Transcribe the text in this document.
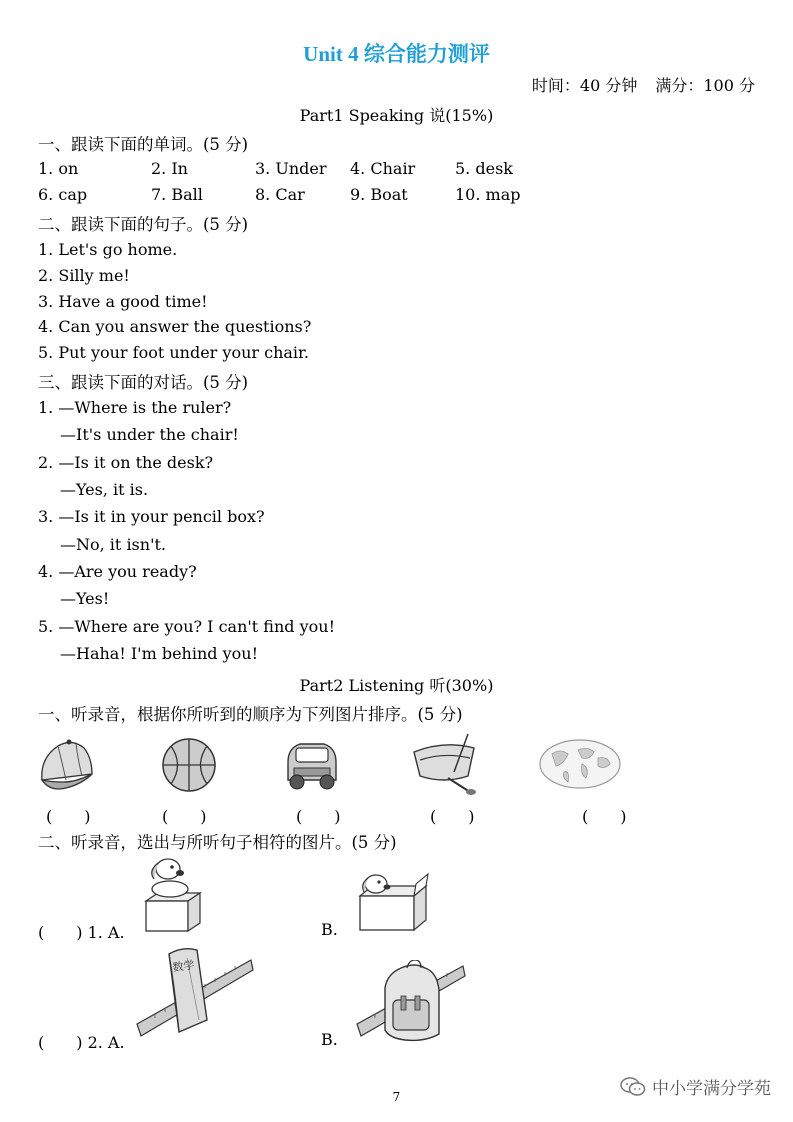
Unit 4 综合能力测评
时间：40 分钟 满分：100 分
Part1 Speaking 说(15%)
一、跟读下面的单词。(5 分)
1. on	2. In	3. Under 4. Chair 5. desk
6. cap	7. Ball	8. Car	9. Boat	10. map
二、跟读下面的句子。(5 分)
1. Let's go home.
2. Silly me!
3. Have a good time!
4. Can you answer the questions?
5. Put your foot under your chair.
三、跟读下面的对话。(5 分)
1. —Where is the ruler?
—It's under the chair!
2. —Is it on the desk?
—Yes, it is.
3. —Is it in your pencil box?
—No, it isn't.
4. —Are you ready?
—Yes!
5. —Where are you? I can't find you!
—Haha! I'm behind you!
Part2 Listening 听(30%)
一、听录音，根据你所听到的顺序为下列图片排序。(5 分)
(　　)	(　　)	(　　)	(　　)	(　　)
二、听录音，选出与所听句子相符的图片。(5 分)
(　　) 1. A.	B.
数学
(　　) 2. A.	B.
7	中小学满分学苑
